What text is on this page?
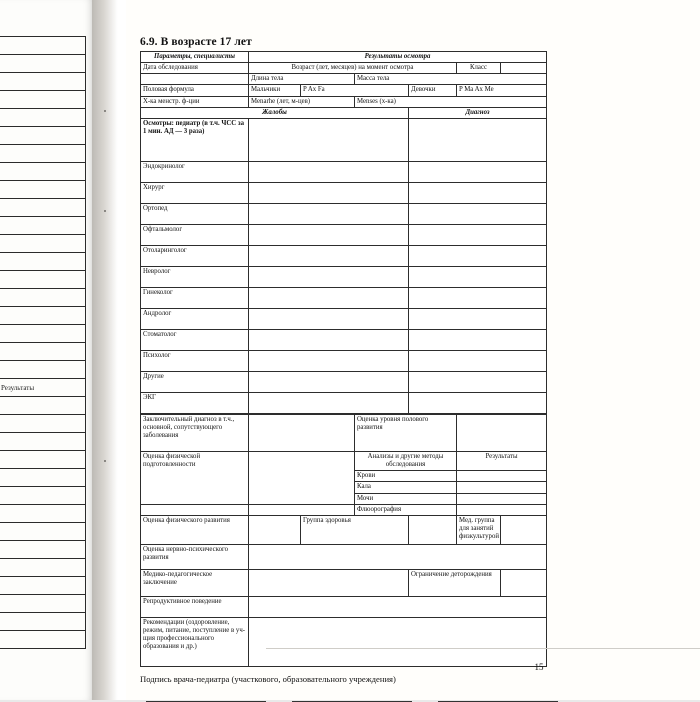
Результаты

6.9. В возрасте 17 лет
Параметры, специалисты	Результаты осмотра					
Дата обследования	Возраст (лет, месяцев) на момент осмотра				Класс	
	Длина тела		Масса тела			
Половая формула	Мальчики	P Ax Fa		Девочки	P Ma Ax Me	
Х-ка менстр. ф-ции	Menarhe (лет, м-цев)		Menses (х-ка)			
Жалобы				Диагноз		
Осмотры: педиатр (в т.ч. ЧСС за 1 мин. АД — 3 раза)						
Эндокринолог						
Хирург						
Ортопед						
Офтальмолог						
Отоларинголог						
Невролог						
Гинеколог						
Андролог						
Стоматолог						
Психолог						
Другие						
ЭКГ						
Заключительный диагноз в т.ч., основной, сопутствующего заболевания			Оценка уровня полового развития			
Оценка физической подготовленности			Анализы и другие методы обследования		Результаты	
			Крови			
			Кала			
			Мочи			
			Флюорография			
Оценка физического развития		Группа здоровья			Мед. группа для занятий физкультурой	
Оценка нервно-психического развития						
Медико-педагогическое заключение				Ограничение деторождения		
Репродуктивное поведение						
Рекомендации (оздоровление, режим, питание, поступление в уч-щия профессионального образования и др.)						
Подпись врача-педиатра (участкового, образовательного учреждения)
15
